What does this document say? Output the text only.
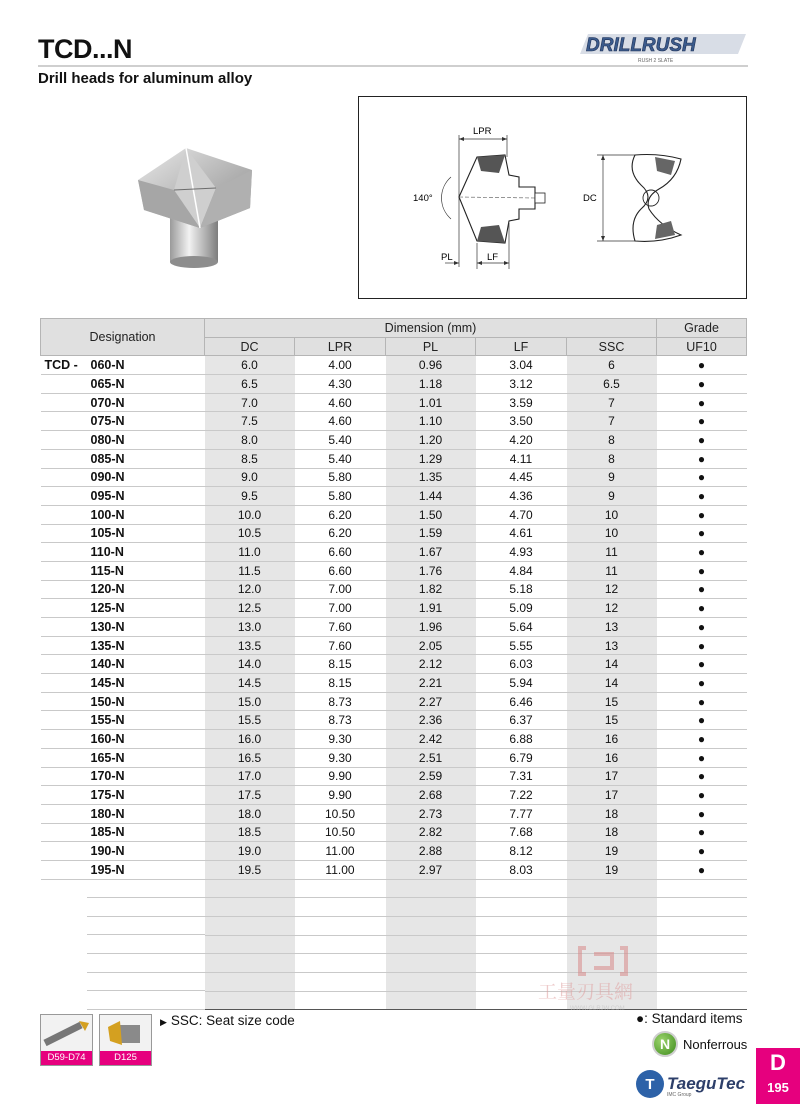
TCD...N
Drill heads for aluminum alloy
DRILLRUSH
RUSH 2 SLATE
LPR
140°
PL	LF
DC
Designation	Dimension (mm)					Grade
	DC	LPR	PL	LF	SSC	UF10
TCD - 060-N	6.0	4.00	0.96	3.04	6	●
065-N	6.5	4.30	1.18	3.12	6.5	●
070-N	7.0	4.60	1.01	3.59	7	●
075-N	7.5	4.60	1.10	3.50	7	●
080-N	8.0	5.40	1.20	4.20	8	●
085-N	8.5	5.40	1.29	4.11	8	●
090-N	9.0	5.80	1.35	4.45	9	●
095-N	9.5	5.80	1.44	4.36	9	●
100-N	10.0	6.20	1.50	4.70	10	●
105-N	10.5	6.20	1.59	4.61	10	●
110-N	11.0	6.60	1.67	4.93	11	●
115-N	11.5	6.60	1.76	4.84	11	●
120-N	12.0	7.00	1.82	5.18	12	●
125-N	12.5	7.00	1.91	5.09	12	●
130-N	13.0	7.60	1.96	5.64	13	●
135-N	13.5	7.60	2.05	5.55	13	●
140-N	14.0	8.15	2.12	6.03	14	●
145-N	14.5	8.15	2.21	5.94	14	●
150-N	15.0	8.73	2.27	6.46	15	●
155-N	15.5	8.73	2.36	6.37	15	●
160-N	16.0	9.30	2.42	6.88	16	●
165-N	16.5	9.30	2.51	6.79	16	●
170-N	17.0	9.90	2.59	7.31	17	●
175-N	17.5	9.90	2.68	7.22	17	●
180-N	18.0	10.50	2.73	7.77	18	●
185-N	18.5	10.50	2.82	7.68	18	●
190-N	19.0	11.00	2.88	8.12	19	●
195-N	19.5	11.00	2.97	8.03	19	●

D59-D74	D125
▶ SSC: Seat size code	●: Standard items
N Nonferrous
T TaeguTec
IMC Group
D
195
工量刃具網
WWW.GLRJW.COM
